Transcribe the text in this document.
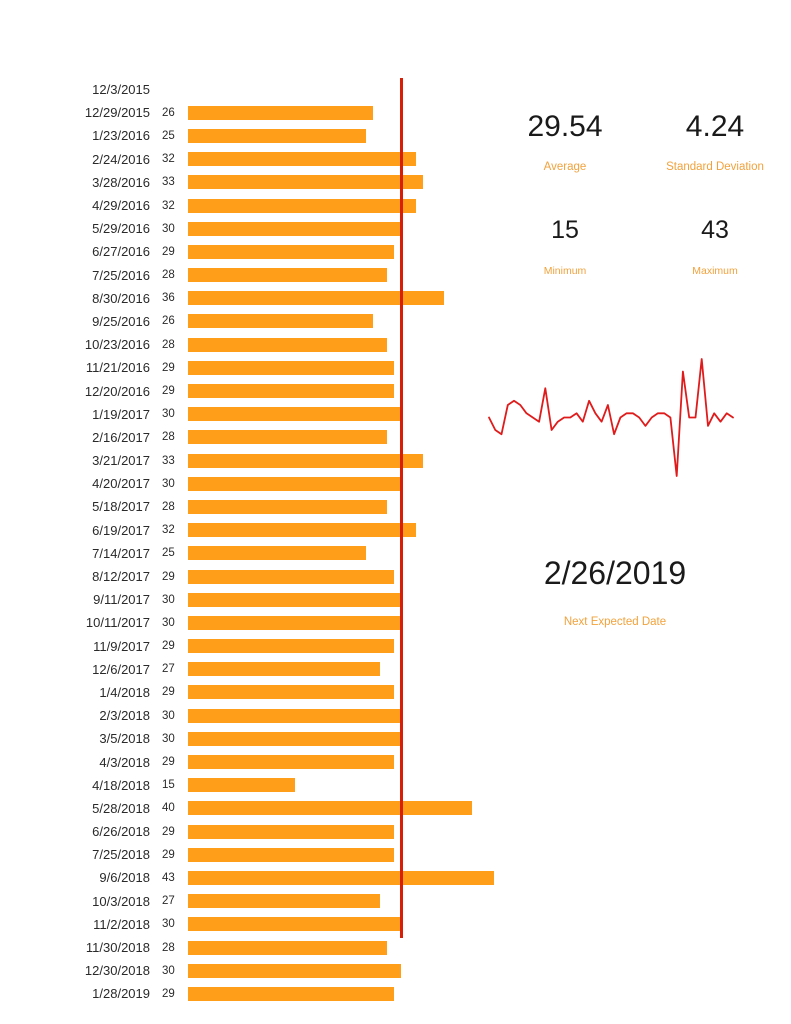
12/3/2015
12/29/2015	26
1/23/2016	25
2/24/2016	32
3/28/2016	33
4/29/2016	32
5/29/2016	30
6/27/2016	29
7/25/2016	28
8/30/2016	36
9/25/2016	26
10/23/2016	28
11/21/2016	29
12/20/2016	29
1/19/2017	30
2/16/2017	28
3/21/2017	33
4/20/2017	30
5/18/2017	28
6/19/2017	32
7/14/2017	25
8/12/2017	29
9/11/2017	30
10/11/2017	30
11/9/2017	29
12/6/2017	27
1/4/2018	29
2/3/2018	30
3/5/2018	30
4/3/2018	29
4/18/2018	15
5/28/2018	40
6/26/2018	29
7/25/2018	29
9/6/2018	43
10/3/2018	27
11/2/2018	30
11/30/2018	28
12/30/2018	30
1/28/2019	29
29.54
Average
4.24
Standard Deviation
15
Minimum
43
Maximum
2/26/2019
Next Expected Date
